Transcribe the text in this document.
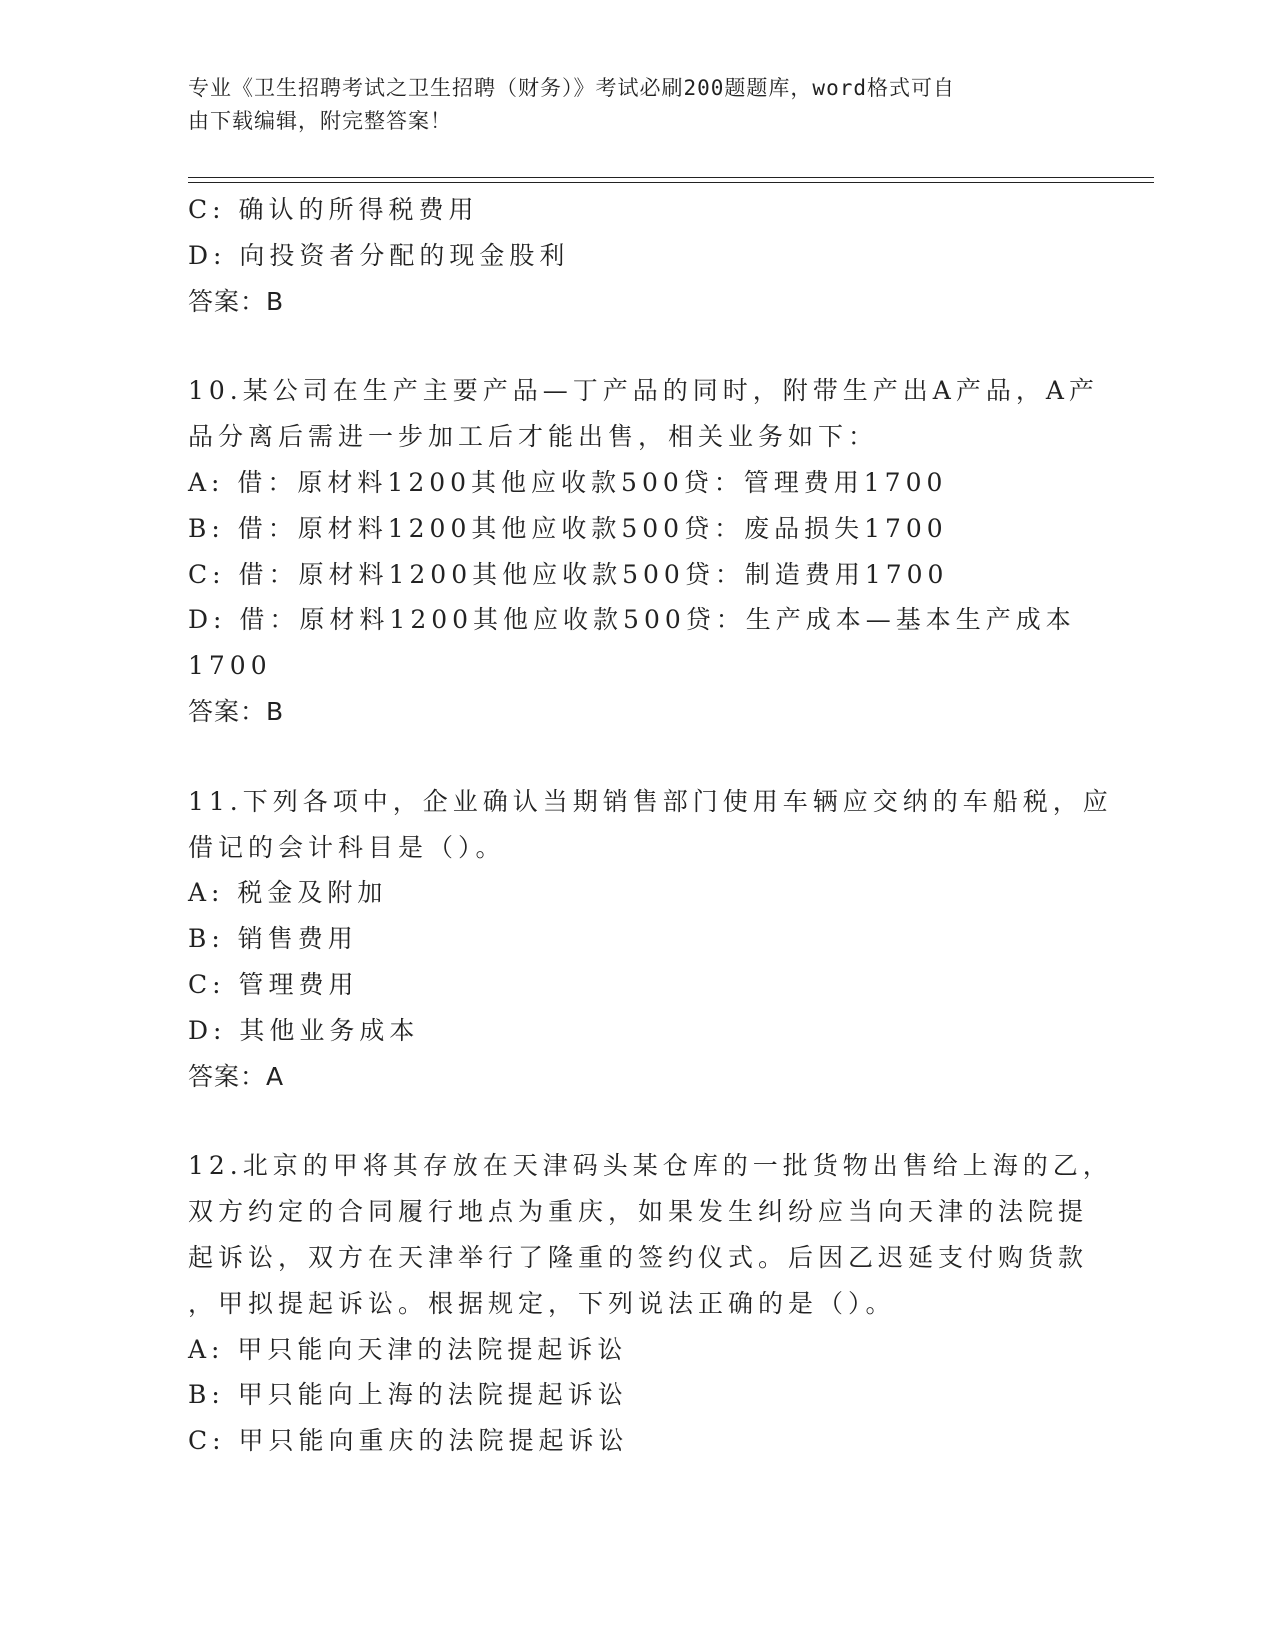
专业《卫生招聘考试之卫生招聘（财务）》考试必刷200题题库，word格式可自
由下载编辑，附完整答案！
C: 确认的所得税费用
D: 向投资者分配的现金股利
答案：B
10.某公司在生产主要产品—丁产品的同时，附带生产出A产品，A产
品分离后需进一步加工后才能出售，相关业务如下：
A: 借：原材料1200其他应收款500贷：管理费用1700
B: 借：原材料1200其他应收款500贷：废品损失1700
C: 借：原材料1200其他应收款500贷：制造费用1700
D: 借：原材料1200其他应收款500贷：生产成本—基本生产成本
1700
答案：B
11.下列各项中，企业确认当期销售部门使用车辆应交纳的车船税，应
借记的会计科目是（）。
A: 税金及附加
B: 销售费用
C: 管理费用
D: 其他业务成本
答案：A
12.北京的甲将其存放在天津码头某仓库的一批货物出售给上海的乙，
双方约定的合同履行地点为重庆，如果发生纠纷应当向天津的法院提
起诉讼，双方在天津举行了隆重的签约仪式。后因乙迟延支付购货款
，甲拟提起诉讼。根据规定，下列说法正确的是（）。
A: 甲只能向天津的法院提起诉讼
B: 甲只能向上海的法院提起诉讼
C: 甲只能向重庆的法院提起诉讼
